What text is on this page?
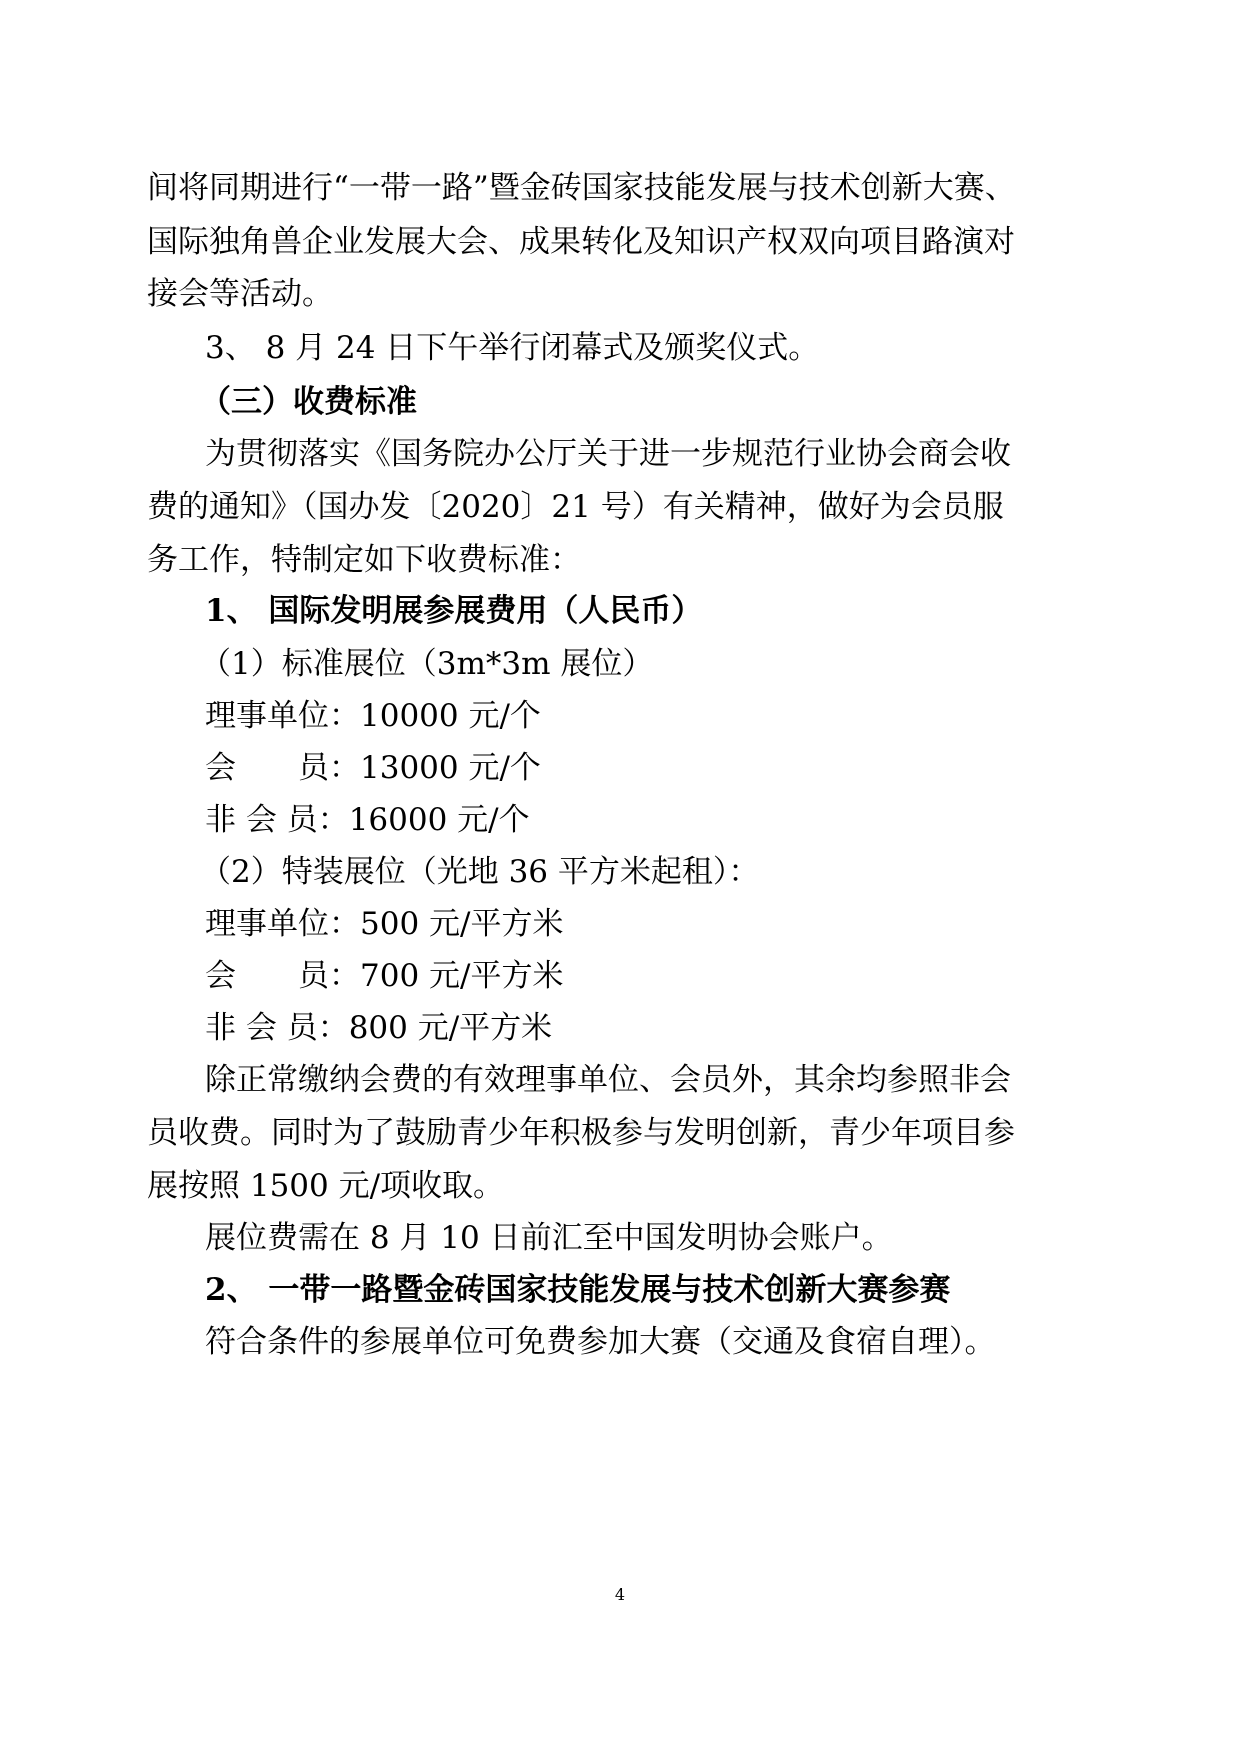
间将同期进行“一带一路”暨金砖国家技能发展与技术创新大赛、
国际独角兽企业发展大会、成果转化及知识产权双向项目路演对
接会等活动。
3、 8 月 24 日下午举行闭幕式及颁奖仪式。
（三）收费标准
为贯彻落实《国务院办公厅关于进一步规范行业协会商会收
费的通知》（国办发〔2020〕21 号）有关精神，做好为会员服
务工作，特制定如下收费标准：
1、 国际发明展参展费用（人民币）
（1）标准展位（3m*3m 展位）
理事单位：10000 元/个
会　　员：13000 元/个
非 会 员：16000 元/个
（2）特装展位（光地 36 平方米起租）：
理事单位：500 元/平方米
会　　员：700 元/平方米
非 会 员：800 元/平方米
除正常缴纳会费的有效理事单位、会员外，其余均参照非会
员收费。同时为了鼓励青少年积极参与发明创新，青少年项目参
展按照 1500 元/项收取。
展位费需在 8 月 10 日前汇至中国发明协会账户。
2、 一带一路暨金砖国家技能发展与技术创新大赛参赛
符合条件的参展单位可免费参加大赛（交通及食宿自理）。
4
